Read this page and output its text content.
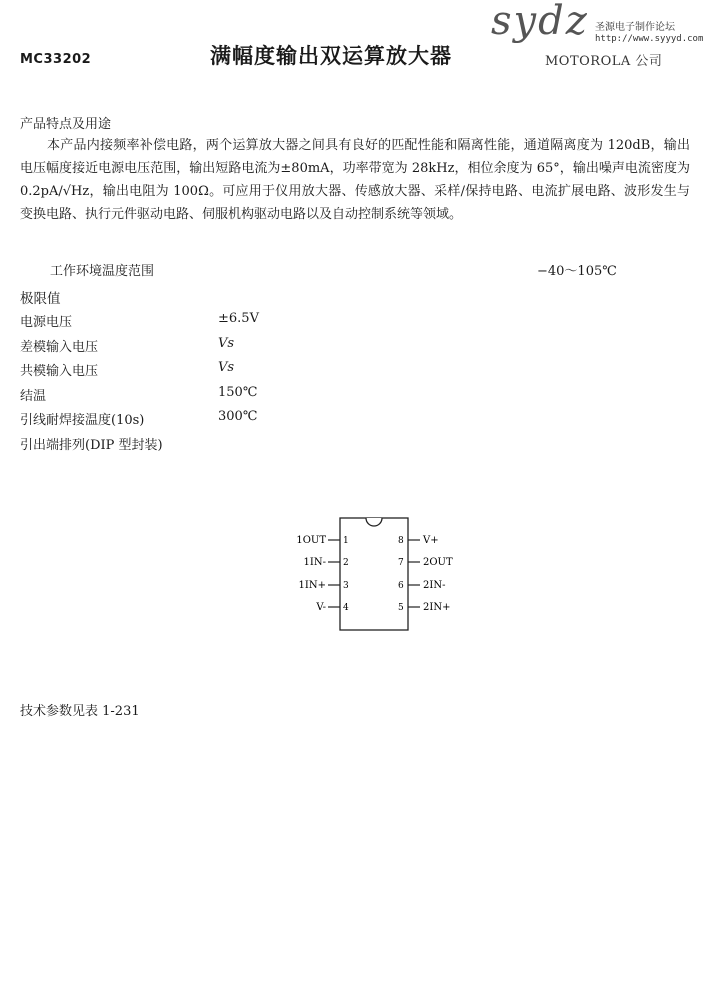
sydz 圣源电子制作论坛
http://www.syyyd.com
MC33202	满幅度输出双运算放大器	MOTOROLA 公司
产品特点及用途
本产品内接频率补偿电路，两个运算放大器之间具有良好的匹配性能和隔离性能，通道隔离度为 120dB，输出电压幅度接近电源电压范围，输出短路电流为±80mA，功率带宽为 28kHz，相位余度为 65°，输出噪声电流密度为 0.2pA/√Hz，输出电阻为 100Ω。可应用于仪用放大器、传感放大器、采样/保持电路、电流扩展电路、波形发生与变换电路、执行元件驱动电路、伺服机构驱动电路以及自动控制系统等领域。
工作环境温度范围	−40～105℃
极限值
电源电压	±6.5V
差模输入电压	Vs
共模输入电压	Vs
结温	150℃
引线耐焊接温度(10s)	300℃
引出端排列(DIP 型封装)
1OUT 1
1IN- 2
1IN+ 3
V- 4
V+
8
2OUT
7
2IN-
6
2IN+
5
技术参数见表 1-231
